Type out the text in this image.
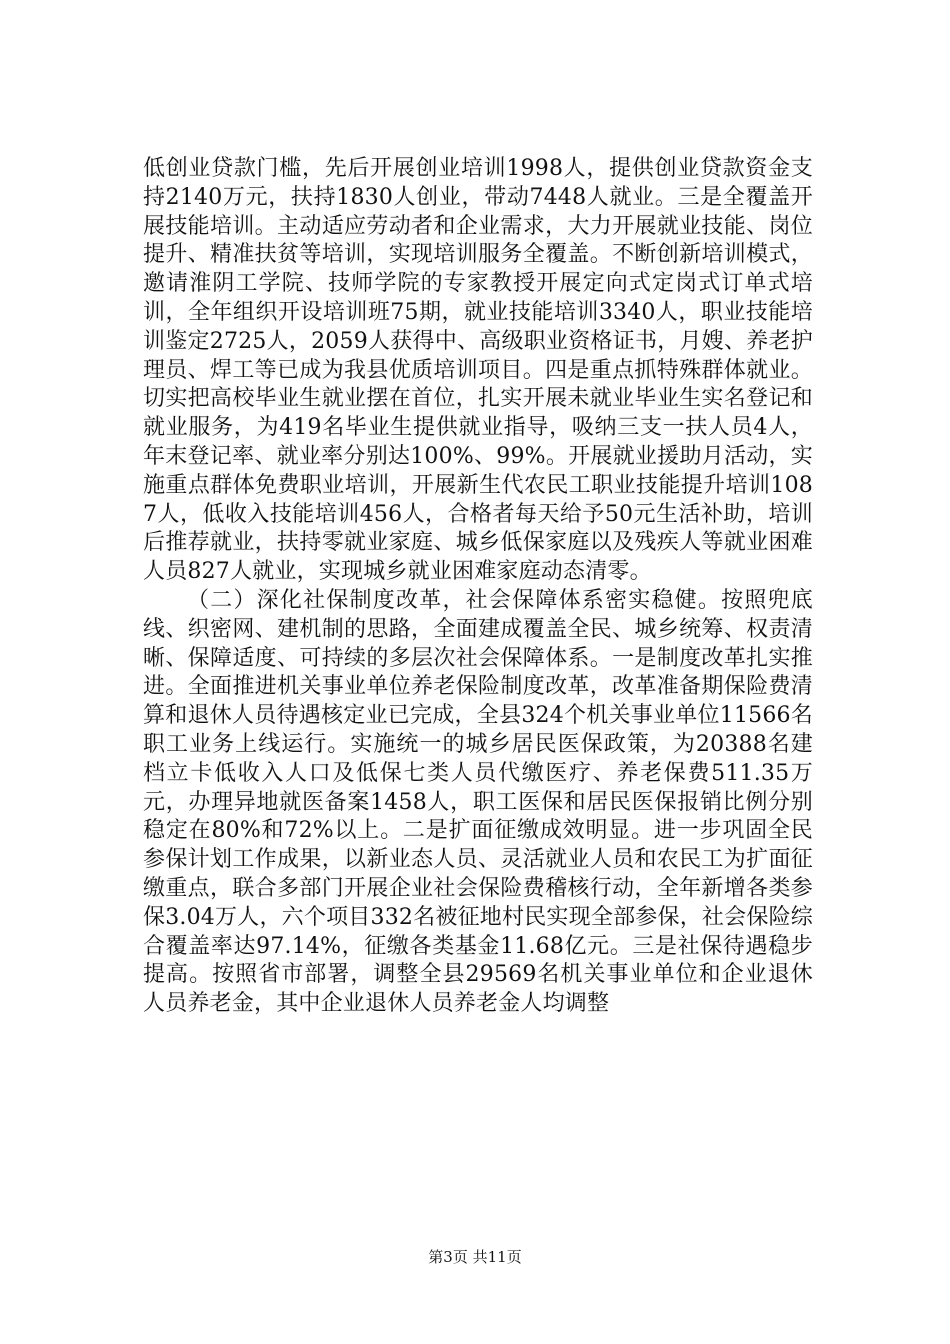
低创业贷款门槛，先后开展创业培训1998人，提供创业贷款资金支持2140万元，扶持1830人创业，带动7448人就业。三是全覆盖开展技能培训。主动适应劳动者和企业需求，大力开展就业技能、岗位提升、精准扶贫等培训，实现培训服务全覆盖。不断创新培训模式，邀请淮阴工学院、技师学院的专家教授开展定向式定岗式订单式培训，全年组织开设培训班75期，就业技能培训3340人，职业技能培训鉴定2725人，2059人获得中、高级职业资格证书，月嫂、养老护理员、焊工等已成为我县优质培训项目。四是重点抓特殊群体就业。切实把高校毕业生就业摆在首位，扎实开展未就业毕业生实名登记和就业服务，为419名毕业生提供就业指导，吸纳三支一扶人员4人，年末登记率、就业率分别达100%、99%。开展就业援助月活动，实施重点群体免费职业培训，开展新生代农民工职业技能提升培训1087人，低收入技能培训456人，合格者每天给予50元生活补助，培训后推荐就业，扶持零就业家庭、城乡低保家庭以及残疾人等就业困难人员827人就业，实现城乡就业困难家庭动态清零。

（二）深化社保制度改革，社会保障体系密实稳健。按照兜底线、织密网、建机制的思路，全面建成覆盖全民、城乡统筹、权责清晰、保障适度、可持续的多层次社会保障体系。一是制度改革扎实推进。全面推进机关事业单位养老保险制度改革，改革准备期保险费清算和退休人员待遇核定业已完成，全县324个机关事业单位11566名职工业务上线运行。实施统一的城乡居民医保政策，为20388名建档立卡低收入人口及低保七类人员代缴医疗、养老保费511.35万元，办理异地就医备案1458人，职工医保和居民医保报销比例分别稳定在80%和72%以上。二是扩面征缴成效明显。进一步巩固全民参保计划工作成果，以新业态人员、灵活就业人员和农民工为扩面征缴重点，联合多部门开展企业社会保险费稽核行动，全年新增各类参保3.04万人，六个项目332名被征地村民实现全部参保，社会保险综合覆盖率达97.14%，征缴各类基金11.68亿元。三是社保待遇稳步提高。按照省市部署，调整全县29569名机关事业单位和企业退休人员养老金，其中企业退休人员养老金人均调整

第3页 共11页
